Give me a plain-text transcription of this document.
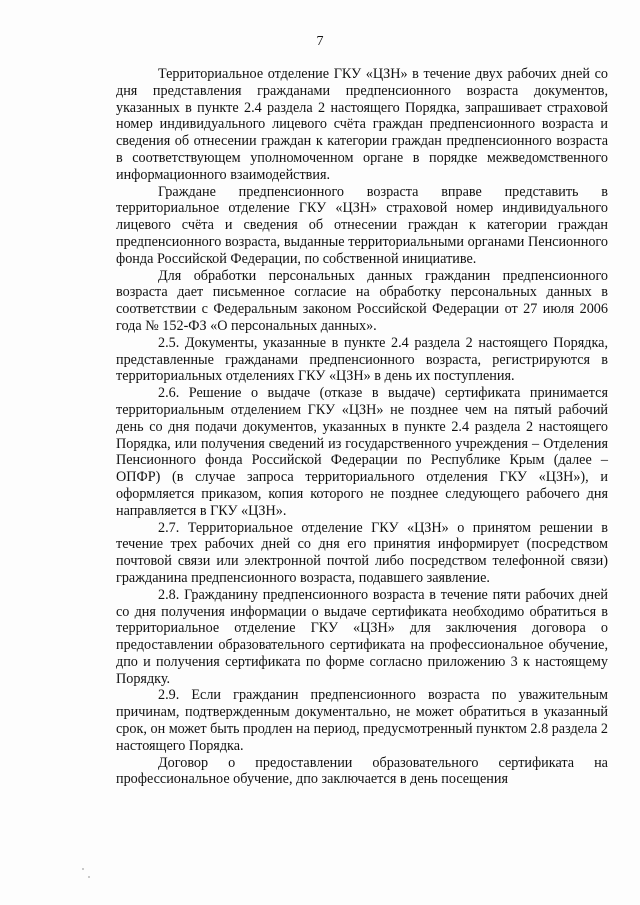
7

Территориальное отделение ГКУ «ЦЗН» в течение двух рабочих дней со дня представления гражданами предпенсионного возраста документов, указанных в пункте 2.4 раздела 2 настоящего Порядка, запрашивает страховой номер индивидуального лицевого счёта граждан предпенсионного возраста и сведения об отнесении граждан к категории граждан предпенсионного возраста в соответствующем уполномоченном органе в порядке межведомственного информационного взаимодействия.

Граждане предпенсионного возраста вправе представить в территориальное отделение ГКУ «ЦЗН» страховой номер индивидуального лицевого счёта и сведения об отнесении граждан к категории граждан предпенсионного возраста, выданные территориальными органами Пенсионного фонда Российской Федерации, по собственной инициативе.

Для обработки персональных данных гражданин предпенсионного возраста дает письменное согласие на обработку персональных данных в соответствии с Федеральным законом Российской Федерации от 27 июля 2006 года № 152-ФЗ «О персональных данных».

2.5. Документы, указанные в пункте 2.4 раздела 2 настоящего Порядка, представленные гражданами предпенсионного возраста, регистрируются в территориальных отделениях ГКУ «ЦЗН» в день их поступления.

2.6. Решение о выдаче (отказе в выдаче) сертификата принимается территориальным отделением ГКУ «ЦЗН» не позднее чем на пятый рабочий день со дня подачи документов, указанных в пункте 2.4 раздела 2 настоящего Порядка, или получения сведений из государственного учреждения – Отделения Пенсионного фонда Российской Федерации по Республике Крым (далее – ОПФР) (в случае запроса территориального отделения ГКУ «ЦЗН»), и оформляется приказом, копия которого не позднее следующего рабочего дня направляется в ГКУ «ЦЗН».

2.7. Территориальное отделение ГКУ «ЦЗН» о принятом решении в течение трех рабочих дней со дня его принятия информирует (посредством почтовой связи или электронной почтой либо посредством телефонной связи) гражданина предпенсионного возраста, подавшего заявление.

2.8. Гражданину предпенсионного возраста в течение пяти рабочих дней со дня получения информации о выдаче сертификата необходимо обратиться в территориальное отделение ГКУ «ЦЗН» для заключения договора о предоставлении образовательного сертификата на профессиональное обучение, дпо и получения сертификата по форме согласно приложению 3 к настоящему Порядку.

2.9. Если гражданин предпенсионного возраста по уважительным причинам, подтвержденным документально, не может обратиться в указанный срок, он может быть продлен на период, предусмотренный пунктом 2.8 раздела 2 настоящего Порядка.

Договор о предоставлении образовательного сертификата на профессиональное обучение, дпо заключается в день посещения
